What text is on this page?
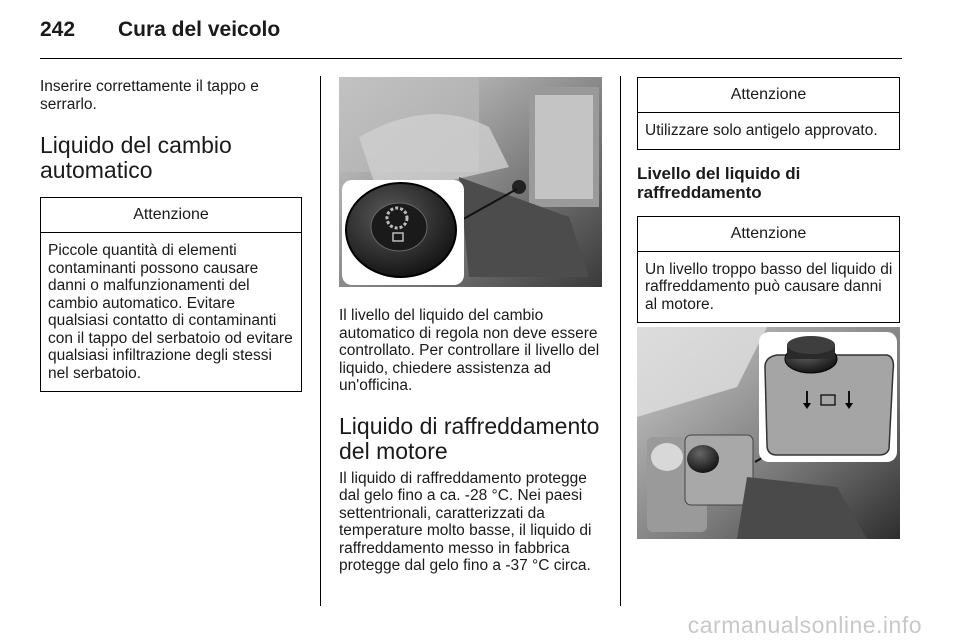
242 Cura del veicolo

Inserire correttamente il tappo e serrarlo.

Liquido del cambio
automatico
Attenzione
Piccole quantità di elementi contaminanti possono causare danni o malfunzionamenti del cambio automatico. Evitare qualsiasi contatto di contaminanti con il tappo del serbatoio od evitare qualsiasi infiltrazione degli stessi nel serbatoio.

Il livello del liquido del cambio automatico di regola non deve essere controllato. Per controllare il livello del liquido, chiedere assistenza ad un'officina.

Liquido di raffreddamento
del motore

Il liquido di raffreddamento protegge dal gelo fino a ca. -28 °C. Nei paesi settentrionali, caratterizzati da temperature molto basse, il liquido di raffreddamento messo in fabbrica protegge dal gelo fino a -37 °C circa.

Attenzione
Utilizzare solo antigelo approvato.
Livello del liquido di
raffreddamento
Attenzione
Un livello troppo basso del liquido di raffreddamento può causare danni al motore.
carmanualsonline.info
